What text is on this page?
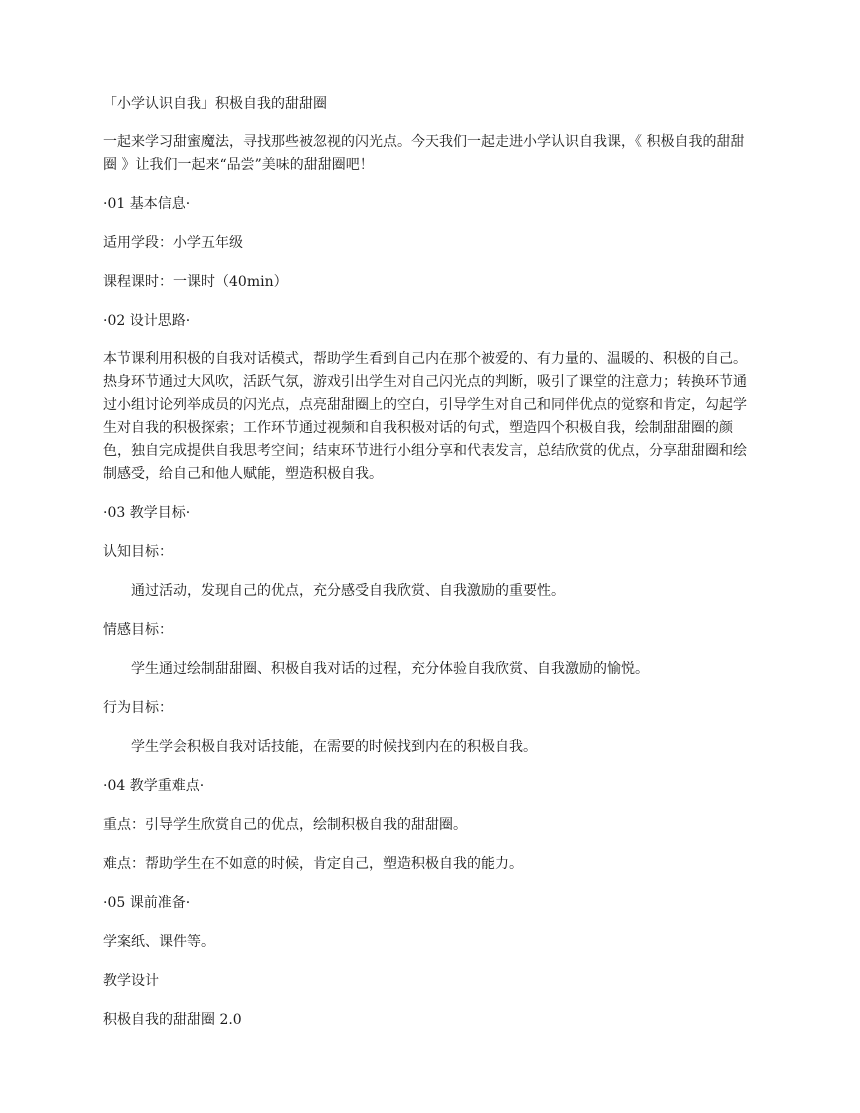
「小学认识自我」积极自我的甜甜圈

一起来学习甜蜜魔法，寻找那些被忽视的闪光点。今天我们一起走进小学认识自我课，《 积极自我的甜甜圈 》让我们一起来“品尝”美味的甜甜圈吧！

·01 基本信息·

适用学段：小学五年级

课程课时：一课时（40min）

·02 设计思路·

本节课利用积极的自我对话模式，帮助学生看到自己内在那个被爱的、有力量的、温暖的、积极的自己。热身环节通过大风吹，活跃气氛，游戏引出学生对自己闪光点的判断，吸引了课堂的注意力；转换环节通过小组讨论列举成员的闪光点，点亮甜甜圈上的空白，引导学生对自己和同伴优点的觉察和肯定，勾起学生对自我的积极探索；工作环节通过视频和自我积极对话的句式，塑造四个积极自我，绘制甜甜圈的颜色，独自完成提供自我思考空间；结束环节进行小组分享和代表发言，总结欣赏的优点，分享甜甜圈和绘制感受，给自己和他人赋能，塑造积极自我。

·03 教学目标·

认知目标：

通过活动，发现自己的优点，充分感受自我欣赏、自我激励的重要性。

情感目标：

学生通过绘制甜甜圈、积极自我对话的过程，充分体验自我欣赏、自我激励的愉悦。

行为目标：

学生学会积极自我对话技能，在需要的时候找到内在的积极自我。

·04 教学重难点·

重点：引导学生欣赏自己的优点，绘制积极自我的甜甜圈。

难点：帮助学生在不如意的时候，肯定自己，塑造积极自我的能力。

·05 课前准备·

学案纸、课件等。

教学设计

积极自我的甜甜圈 2.0
